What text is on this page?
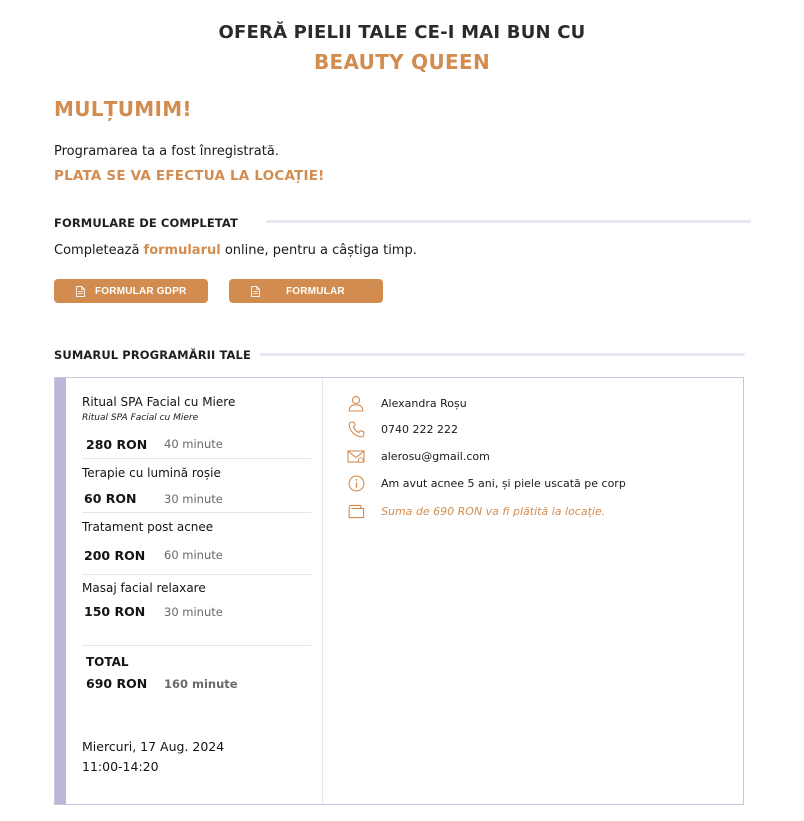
OFERĂ PIELII TALE CE-I MAI BUN CU
BEAUTY QUEEN
MULȚUMIM!
Programarea ta a fost înregistrată.
PLATA SE VA EFECTUA LA LOCAȚIE!
FORMULARE DE COMPLETAT
Completează formularul online, pentru a câștiga timp.
FORMULAR GDPR	FORMULAR
SUMARUL PROGRAMĂRII TALE
Ritual SPA Facial cu Miere
Ritual SPA Facial cu Miere
280 RON 40 minute
Terapie cu lumină roșie
60 RON 30 minute
Tratament post acnee
200 RON 60 minute
Masaj facial relaxare
150 RON 30 minute
TOTAL
690 RON 160 minute
Miercuri, 17 Aug. 2024
11:00-14:20
Alexandra Roșu
0740 222 222
alerosu@gmail.com
Am avut acnee 5 ani, și piele uscată pe corp
Suma de 690 RON va fi plătită la locație.
